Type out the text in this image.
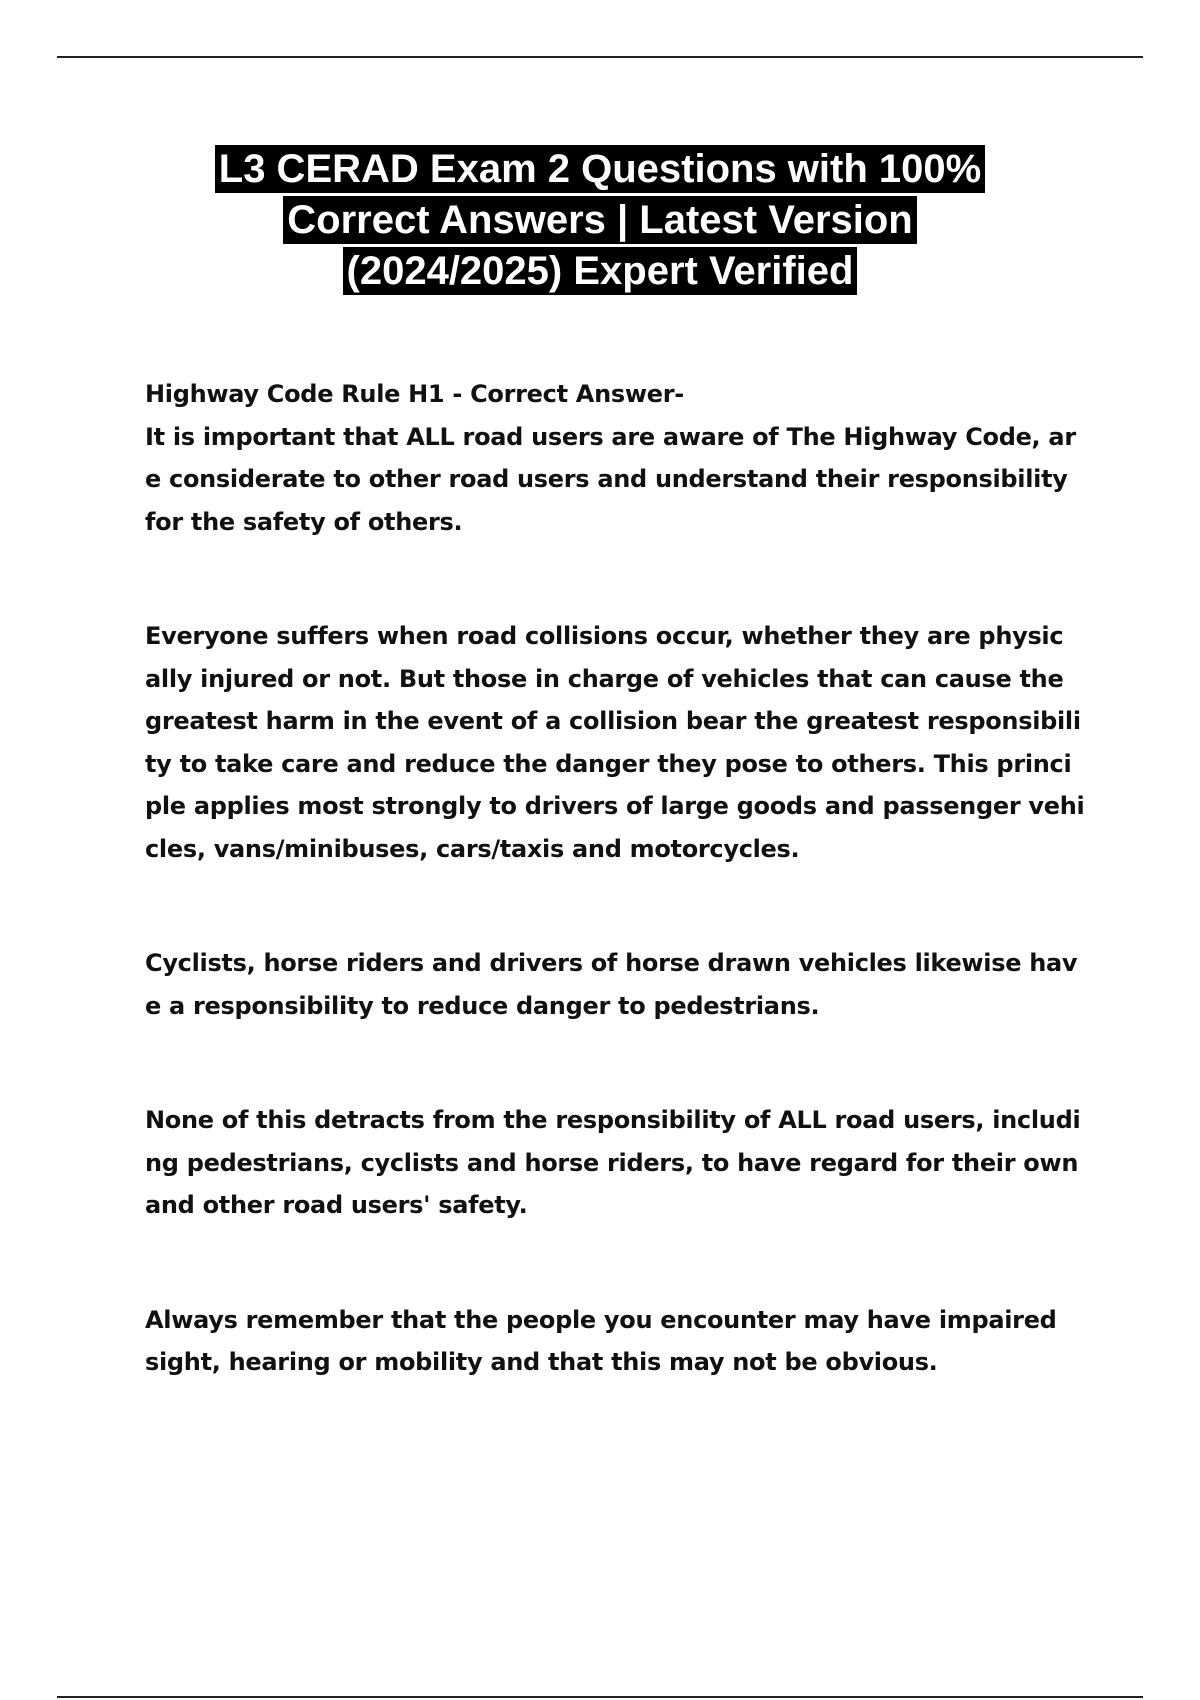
L3 CERAD Exam 2 Questions with 100%
Correct Answers | Latest Version
(2024/2025) Expert Verified

Highway Code Rule H1 - Correct Answer-

It is important that ALL road users are aware of The Highway Code, ar e considerate to other road users and understand their responsibility for the safety of others.

Everyone suffers when road collisions occur, whether they are physic ally injured or not. But those in charge of vehicles that can cause the greatest harm in the event of a collision bear the greatest responsibili ty to take care and reduce the danger they pose to others. This princi ple applies most strongly to drivers of large goods and passenger vehi cles, vans/minibuses, cars/taxis and motorcycles.

Cyclists, horse riders and drivers of horse drawn vehicles likewise hav e a responsibility to reduce danger to pedestrians.

None of this detracts from the responsibility of ALL road users, includi ng pedestrians, cyclists and horse riders, to have regard for their own and other road users' safety.

Always remember that the people you encounter may have impaired sight, hearing or mobility and that this may not be obvious.
